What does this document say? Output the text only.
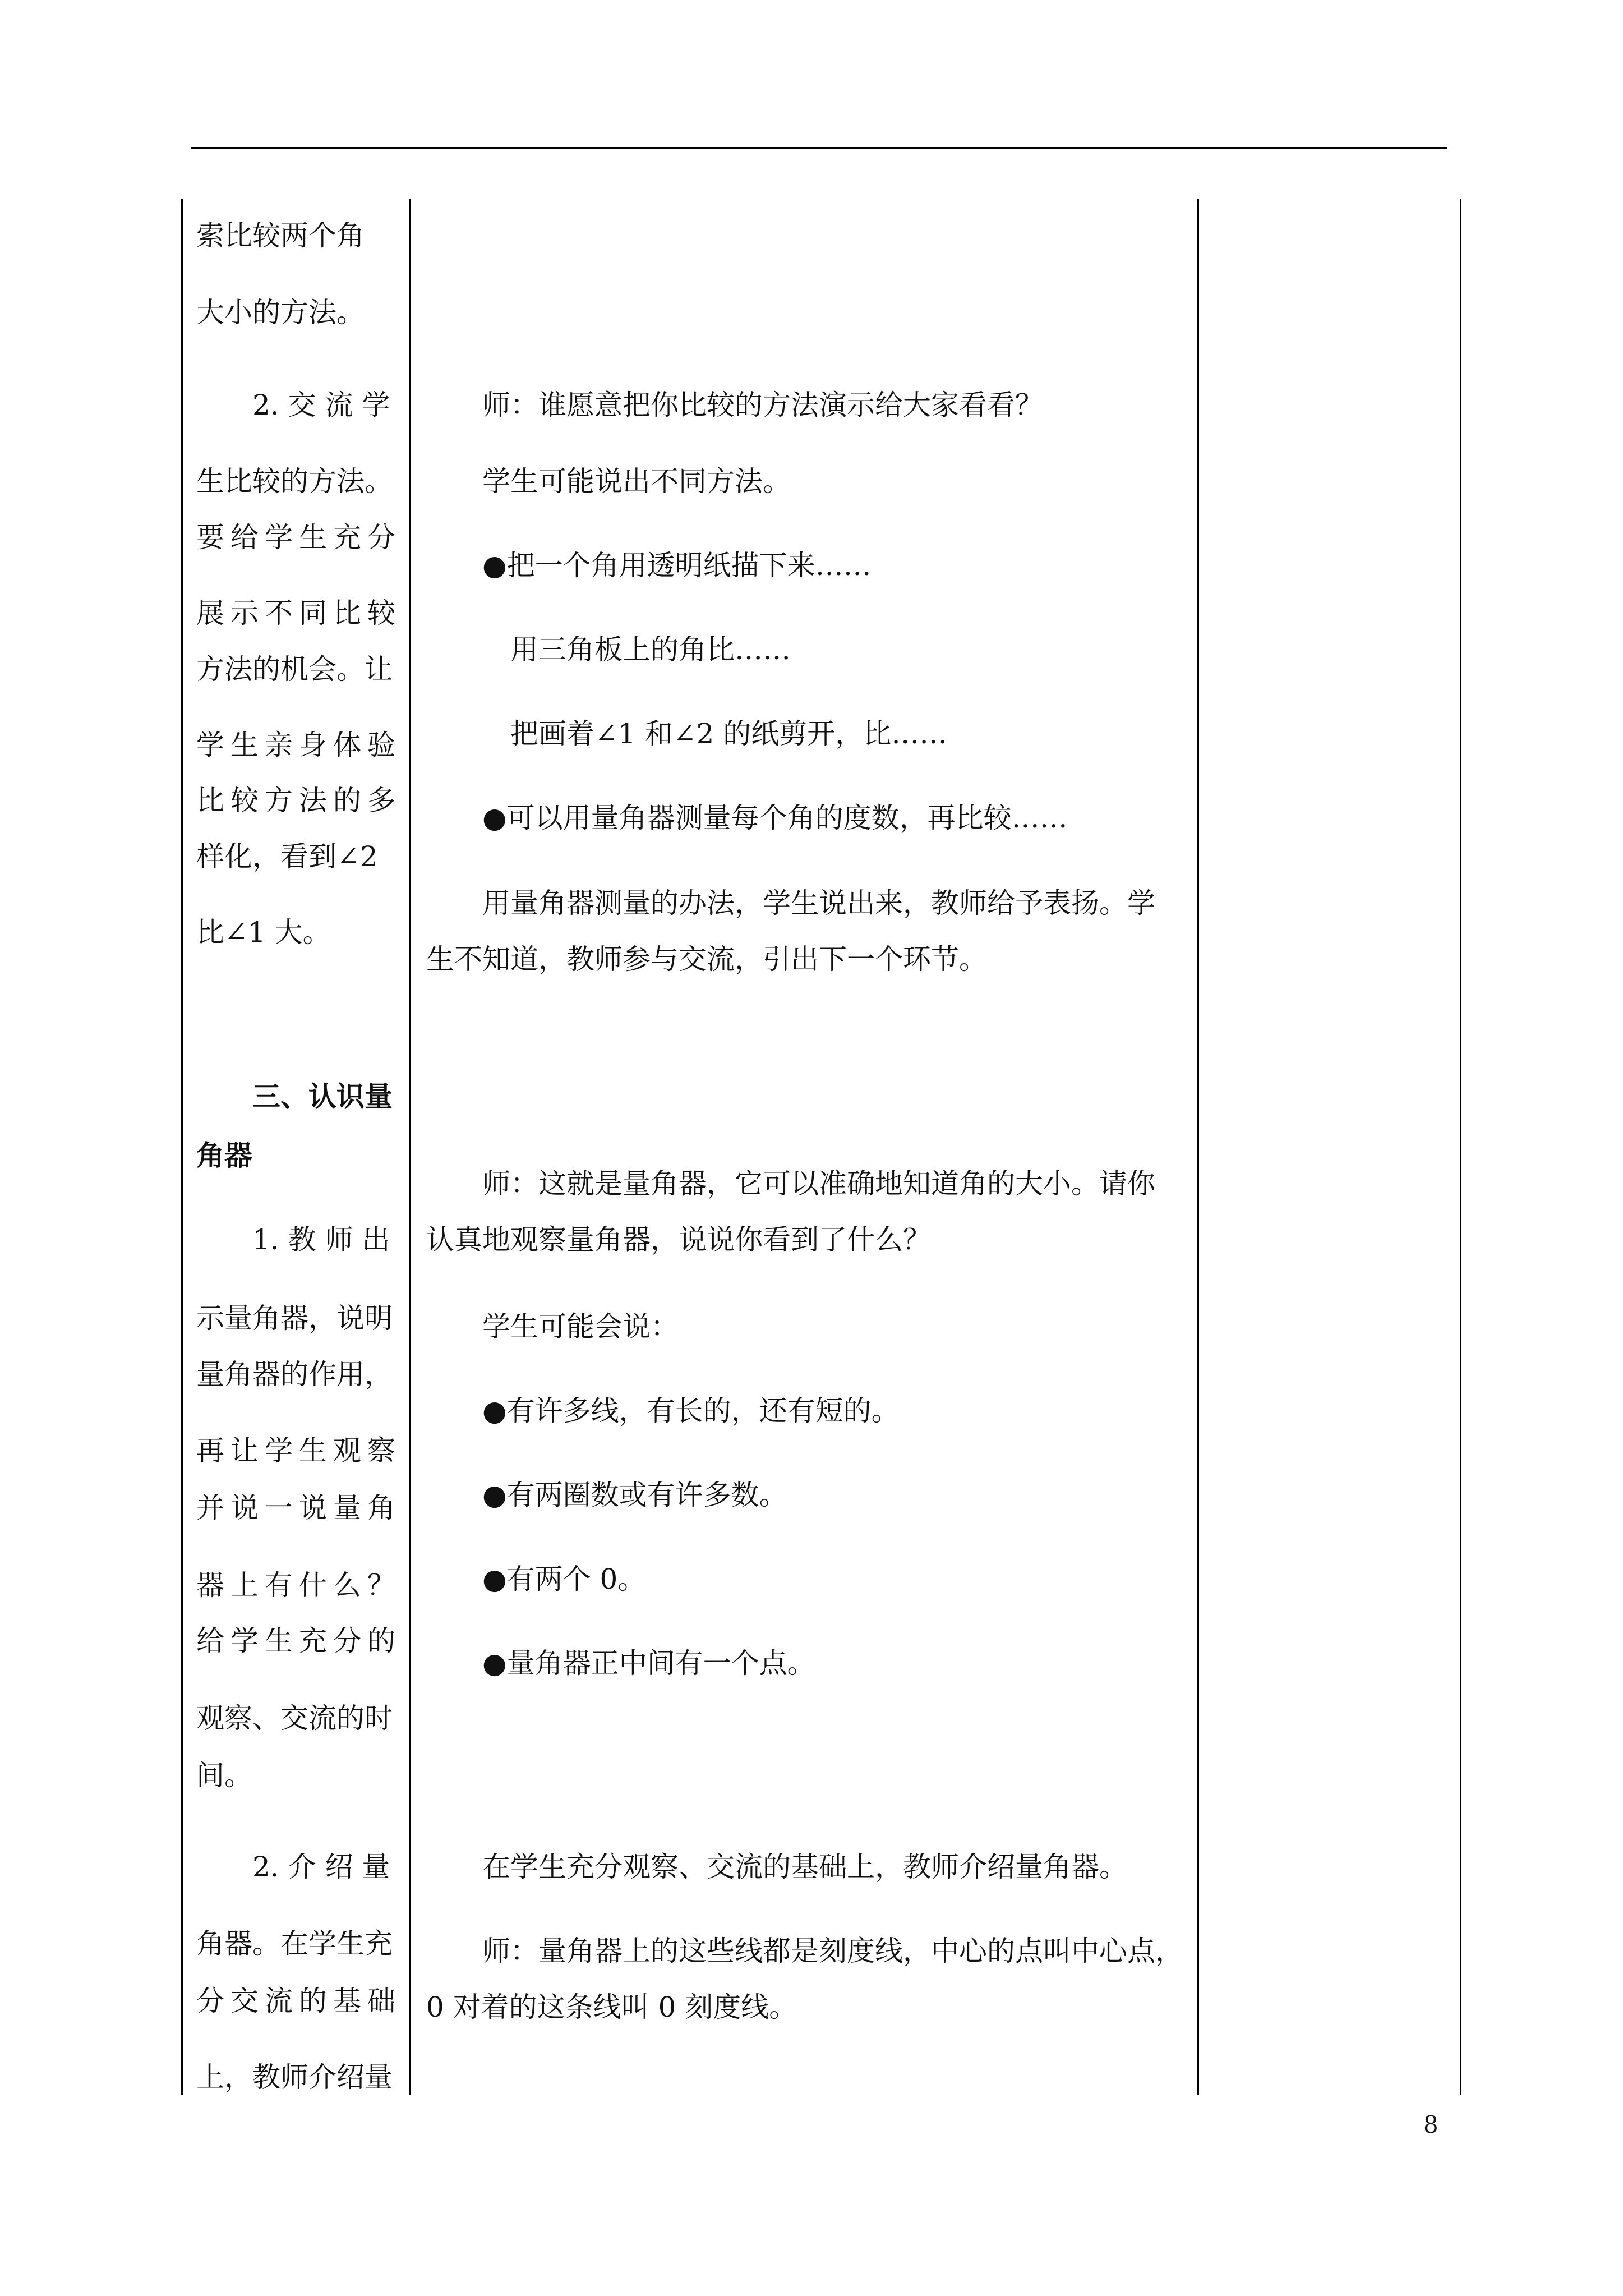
索比较两个角
大小的方法。
2. 交 流 学
生比较的方法。
要 给 学 生 充 分
展 示 不 同 比 较
方法的机会。让
学 生 亲 身 体 验
比 较 方 法 的 多
样化，看到∠2
比∠1 大。
三、认识量
角器
1. 教 师 出
示量角器，说明
量角器的作用，
再 让 学 生 观 察
并 说 一 说 量 角
器 上 有 什 么 ？
给 学 生 充 分 的
观察、交流的时
间。
2. 介 绍 量
角器。在学生充
分 交 流 的 基 础
上，教师介绍量
师：谁愿意把你比较的方法演示给大家看看？
学生可能说出不同方法。
●把一个角用透明纸描下来……
用三角板上的角比……
把画着∠1 和∠2 的纸剪开，比……
●可以用量角器测量每个角的度数，再比较……
用量角器测量的办法，学生说出来，教师给予表扬。学
生不知道，教师参与交流，引出下一个环节。
师：这就是量角器，它可以准确地知道角的大小。请你
认真地观察量角器，说说你看到了什么？
学生可能会说：
●有许多线，有长的，还有短的。
●有两圈数或有许多数。
●有两个 0。
●量角器正中间有一个点。
在学生充分观察、交流的基础上，教师介绍量角器。
师：量角器上的这些线都是刻度线，中心的点叫中心点，
0 对着的这条线叫 0 刻度线。
8
